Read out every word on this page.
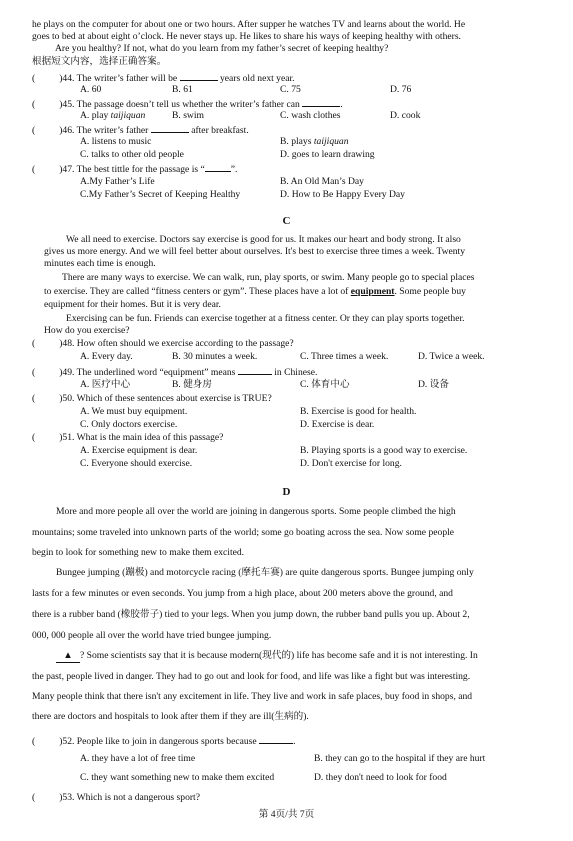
he plays on the computer for about one or two hours. After supper he watches TV and learns about the world. He
goes to bed at about eight o’clock. He never stays up. He likes to share his ways of keeping healthy with others.
Are you healthy? If not, what do you learn from my father’s secret of keeping healthy?
根据短文内容，选择正确答案。
(	)44. The writer’s father will be	years old next year.
A. 60	B. 61	C. 75	D. 76
(	)45. The passage doesn’t tell us whether the writer’s father can	.
A. play taijiquan	B. swim	C. wash clothes	D. cook
(	)46. The writer’s father	after breakfast.
A. listens to music	B. plays taijiquan
C. talks to other old people	D. goes to learn drawing
(	)47. The best tittle for the passage is “	”.
A.My Father’s Life	B. An Old Man’s Day
C.My Father’s Secret of Keeping Healthy	D. How to Be Happy Every Day
C
We all need to exercise. Doctors say exercise is good for us. It makes our heart and body strong. It also
gives us more energy. And we will feel better about ourselves. It's best to exercise three times a week. Twenty
minutes each time is enough.
There are many ways to exercise. We can walk, run, play sports, or swim. Many people go to special places
to exercise. They are called “fitness centers or gym”. These places have a lot of equipment. Some people buy
equipment for their homes. But it is very dear.
Exercising can be fun. Friends can exercise together at a fitness center. Or they can play sports together.
How do you exercise?
(	)48. How often should we exercise according to the passage?
A. Every day.	B. 30 minutes a week.	C. Three times a week.	D. Twice a week.
(	)49. The underlined word “equipment” means	in Chinese.
A. 医疗中心	B. 健身房	C. 体育中心	D. 设备
(	)50. Which of these sentences about exercise is TRUE?
A. We must buy equipment.	B. Exercise is good for health.
C. Only doctors exercise.	D. Exercise is dear.
(	)51. What is the main idea of this passage?
A. Exercise equipment is dear.	B. Playing sports is a good way to exercise.
C. Everyone should exercise.	D. Don't exercise for long.
D
More and more people all over the world are joining in dangerous sports. Some people climbed the high
mountains; some traveled into unknown parts of the world; some go boating across the sea. Now some people
begin to look for something new to make them excited.
Bungee jumping (蹦极) and motorcycle racing (摩托车赛) are quite dangerous sports. Bungee jumping only
lasts for a few minutes or even seconds. You jump from a high place, about 200 meters above the ground, and
there is a rubber band (橡胶带子) tied to your legs. When you jump down, the rubber band pulls you up. About 2,
000, 000 people all over the world have tried bungee jumping.
▲ ? Some scientists say that it is because modern(现代的) life has become safe and it is not interesting. In
the past, people lived in danger. They had to go out and look for food, and life was like a fight but was interesting.
Many people think that there isn't any excitement in life. They live and work in safe places, buy food in shops, and
there are doctors and hospitals to look after them if they are ill(生病的).
(	)52. People like to join in dangerous sports because	.
A. they have a lot of free time	B. they can go to the hospital if they are hurt
C. they want something new to make them excited	D. they don't need to look for food
(	)53. Which is not a dangerous sport?
第 4页/共 7页
